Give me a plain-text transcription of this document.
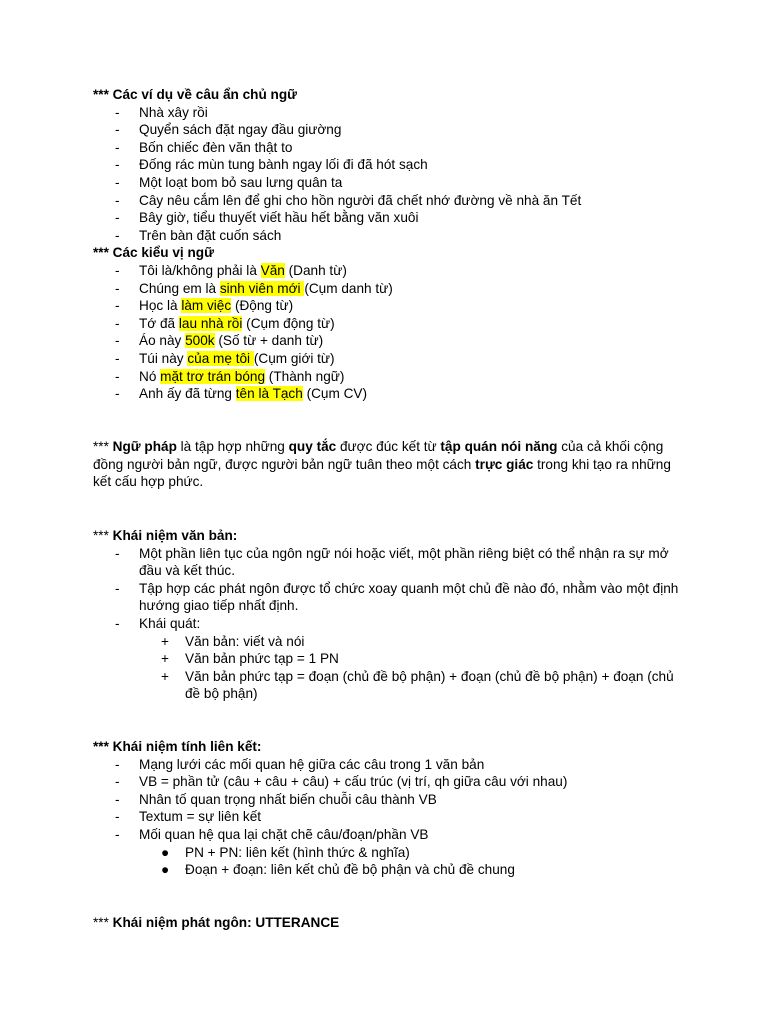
*** Các ví dụ về câu ẩn chủ ngữ
- Nhà xây rồi
- Quyển sách đặt ngay đầu giường
- Bốn chiếc đèn văn thật to
- Đống rác mùn tung bành ngay lối đi đã hót sạch
- Một loạt bom bỏ sau lưng quân ta
- Cây nêu cắm lên để ghi cho hồn người đã chết nhớ đường về nhà ăn Tết
- Bây giờ, tiểu thuyết viết hầu hết bằng văn xuôi
- Trên bàn đặt cuốn sách
*** Các kiểu vị ngữ
- Tôi là/không phải là Văn (Danh từ)
- Chúng em là sinh viên mới (Cụm danh từ)
- Học là làm việc (Động từ)
- Tớ đã lau nhà rồi (Cụm động từ)
- Áo này 500k (Số từ + danh từ)
- Túi này của mẹ tôi (Cụm giới từ)
- Nó mặt trơ trán bóng (Thành ngữ)
- Anh ấy đã từng tên là Tạch (Cụm CV)
*** Ngữ pháp là tập hợp những quy tắc được đúc kết từ tập quán nói năng của cả khối cộng đồng người bản ngữ, được người bản ngữ tuân theo một cách trực giác trong khi tạo ra những kết cấu hợp phức.
*** Khái niệm văn bản:
- Một phần liên tục của ngôn ngữ nói hoặc viết, một phần riêng biệt có thể nhận ra sự mở đầu và kết thúc.
- Tập hợp các phát ngôn được tổ chức xoay quanh một chủ đề nào đó, nhằm vào một định hướng giao tiếp nhất định.
- Khái quát:
+ Văn bản: viết và nói
+ Văn bản phức tạp = 1 PN
+ Văn bản phức tạp = đoạn (chủ đề bộ phận) + đoạn (chủ đề bộ phận) + đoạn (chủ đề bộ phận)
*** Khái niệm tính liên kết:
- Mạng lưới các mối quan hệ giữa các câu trong 1 văn bản
- VB = phần tử (câu + câu + câu) + cấu trúc (vị trí, qh giữa câu với nhau)
- Nhân tố quan trọng nhất biến chuỗi câu thành VB
- Textum = sự liên kết
- Mối quan hệ qua lại chặt chẽ câu/đoạn/phần VB
● PN + PN: liên kết (hình thức & nghĩa)
● Đoạn + đoạn: liên kết chủ đề bộ phận và chủ đề chung
*** Khái niệm phát ngôn: UTTERANCE
